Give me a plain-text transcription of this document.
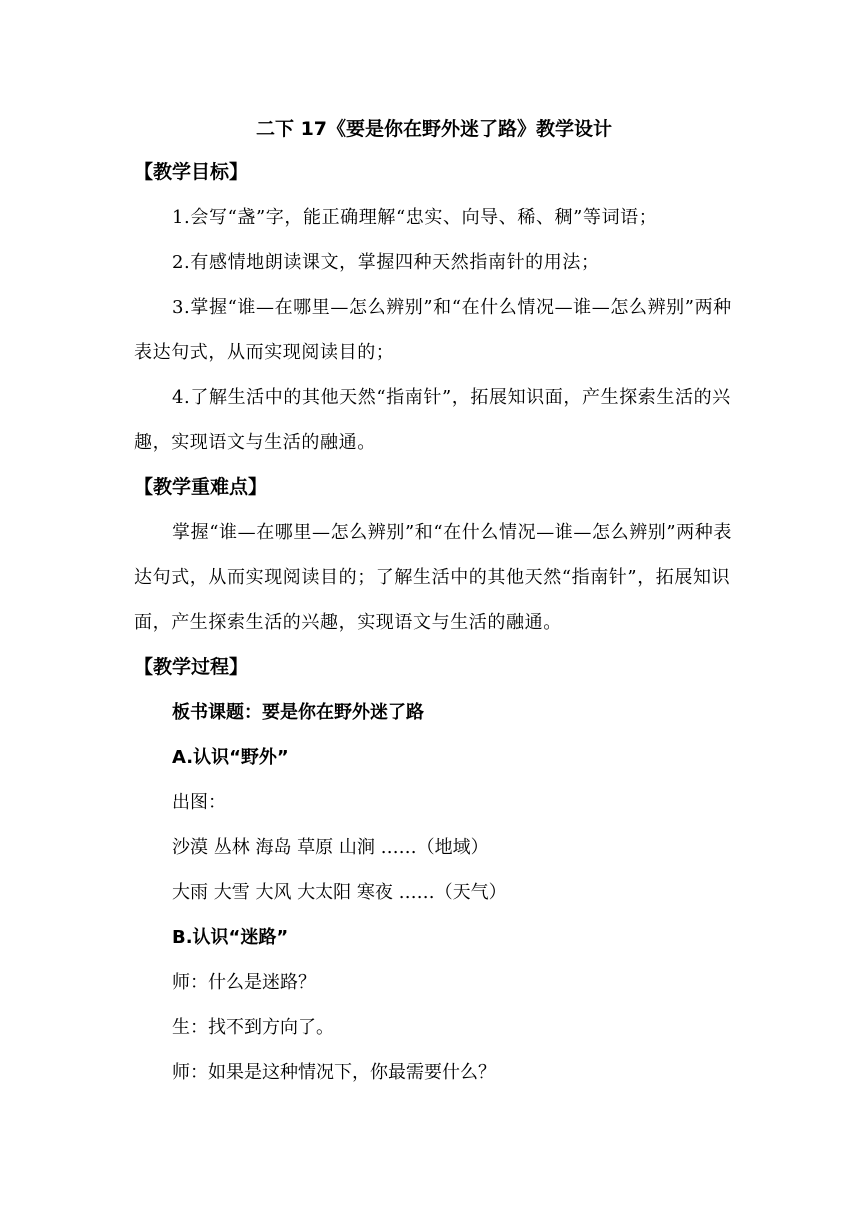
二下 17《要是你在野外迷了路》教学设计
【教学目标】

1.会写“盏”字，能正确理解“忠实、向导、稀、稠”等词语；

2.有感情地朗读课文，掌握四种天然指南针的用法；

3.掌握“谁—在哪里—怎么辨别”和“在什么情况—谁—怎么辨别”两种表达句式，从而实现阅读目的；

4.了解生活中的其他天然“指南针”，拓展知识面，产生探索生活的兴趣，实现语文与生活的融通。

【教学重难点】

掌握“谁—在哪里—怎么辨别”和“在什么情况—谁—怎么辨别”两种表达句式，从而实现阅读目的；了解生活中的其他天然“指南针”，拓展知识面，产生探索生活的兴趣，实现语文与生活的融通。

【教学过程】
板书课题：要是你在野外迷了路
A.认识“野外”
出图：
沙漠 丛林 海岛 草原 山涧 ……（地域）
大雨 大雪 大风 大太阳 寒夜 ……（天气）
B.认识“迷路”
师：什么是迷路？
生：找不到方向了。
师：如果是这种情况下，你最需要什么？
